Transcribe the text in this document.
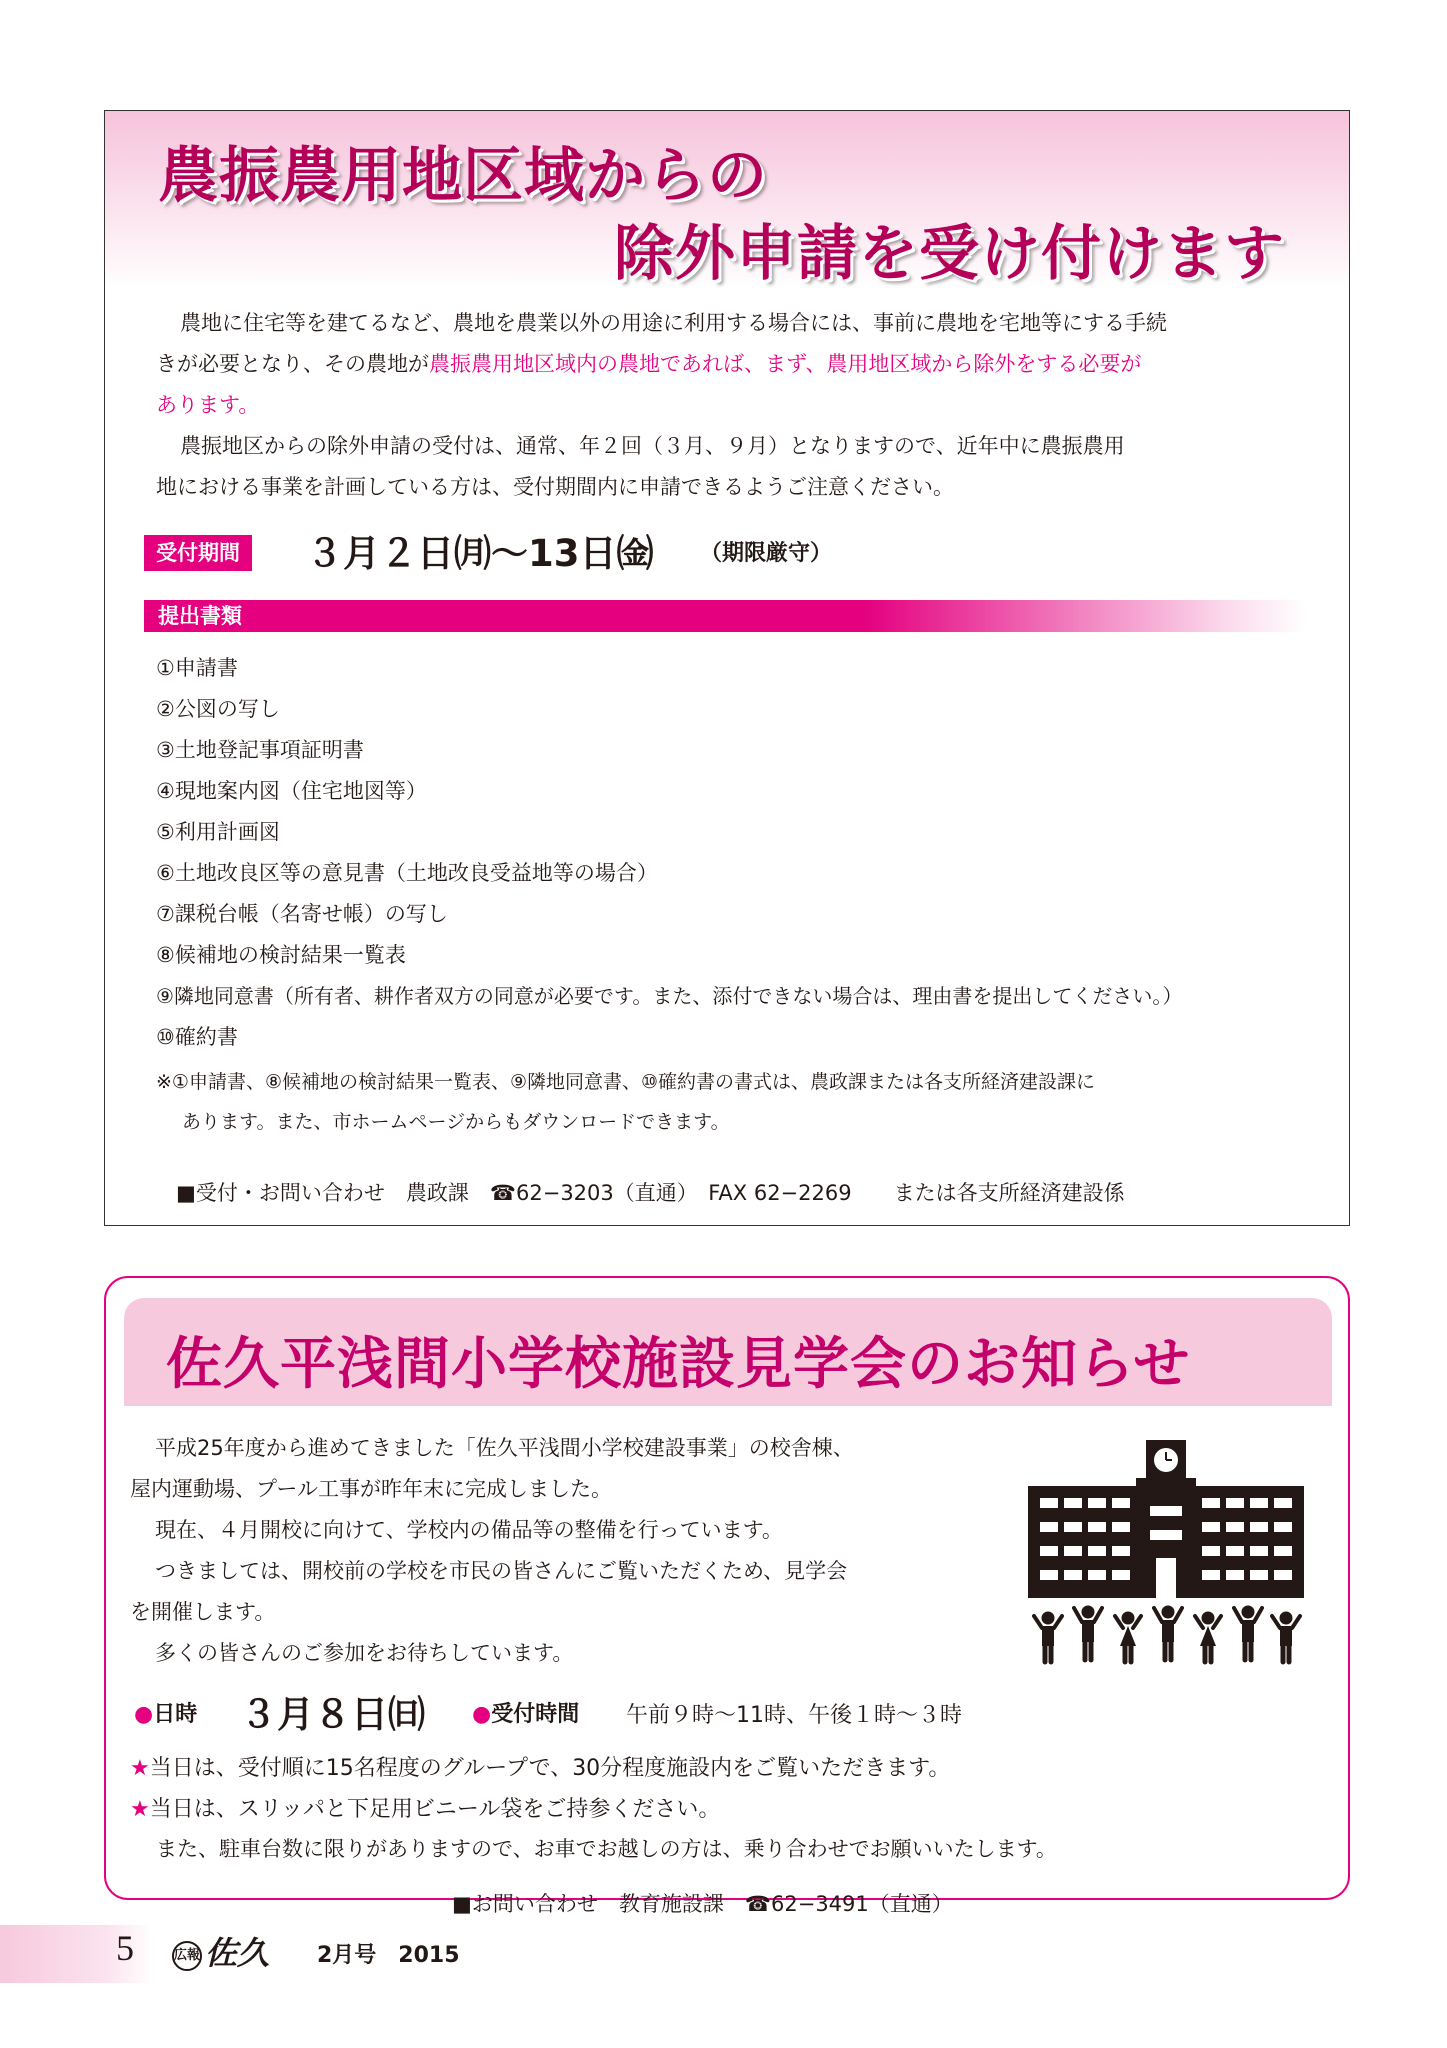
農振農用地区域からの
除外申請を受け付けます
農地に住宅等を建てるなど、農地を農業以外の用途に利用する場合には、事前に農地を宅地等にする手続
きが必要となり、その農地が農振農用地区域内の農地であれば、まず、農用地区域から除外をする必要が
あります。
農振地区からの除外申請の受付は、通常、年２回（３月、９月）となりますので、近年中に農振農用
地における事業を計画している方は、受付期間内に申請できるようご注意ください。
受付期間	３月２日㈪〜13日㈮ （期限厳守）
提出書類
①申請書
②公図の写し
③土地登記事項証明書
④現地案内図（住宅地図等）
⑤利用計画図
⑥土地改良区等の意見書（土地改良受益地等の場合）
⑦課税台帳（名寄せ帳）の写し
⑧候補地の検討結果一覧表
⑨隣地同意書（所有者、耕作者双方の同意が必要です。また、添付できない場合は、理由書を提出してください。）
⑩確約書
※①申請書、⑧候補地の検討結果一覧表、⑨隣地同意書、⑩確約書の書式は、農政課または各支所経済建設課に
あります。また、市ホームページからもダウンロードできます。
■受付・お問い合わせ　農政課　☎62−3203（直通）　FAX 62−2269　　または各支所経済建設係
佐久平浅間小学校施設見学会のお知らせ
平成25年度から進めてきました「佐久平浅間小学校建設事業」の校舎棟、
屋内運動場、プール工事が昨年末に完成しました。
現在、４月開校に向けて、学校内の備品等の整備を行っています。
つきましては、開校前の学校を市民の皆さんにご覧いただくため、見学会
を開催します。
多くの皆さんのご参加をお待ちしています。
●日時 ３月８日㈰ ●受付時間 午前９時〜11時、午後１時〜３時
★当日は、受付順に15名程度のグループで、30分程度施設内をご覧いただきます。
★当日は、スリッパと下足用ビニール袋をご持参ください。
また、駐車台数に限りがありますので、お車でお越しの方は、乗り合わせでお願いいたします。
■お問い合わせ　教育施設課　☎62−3491（直通）
5	広報 佐久 2月号　2015
